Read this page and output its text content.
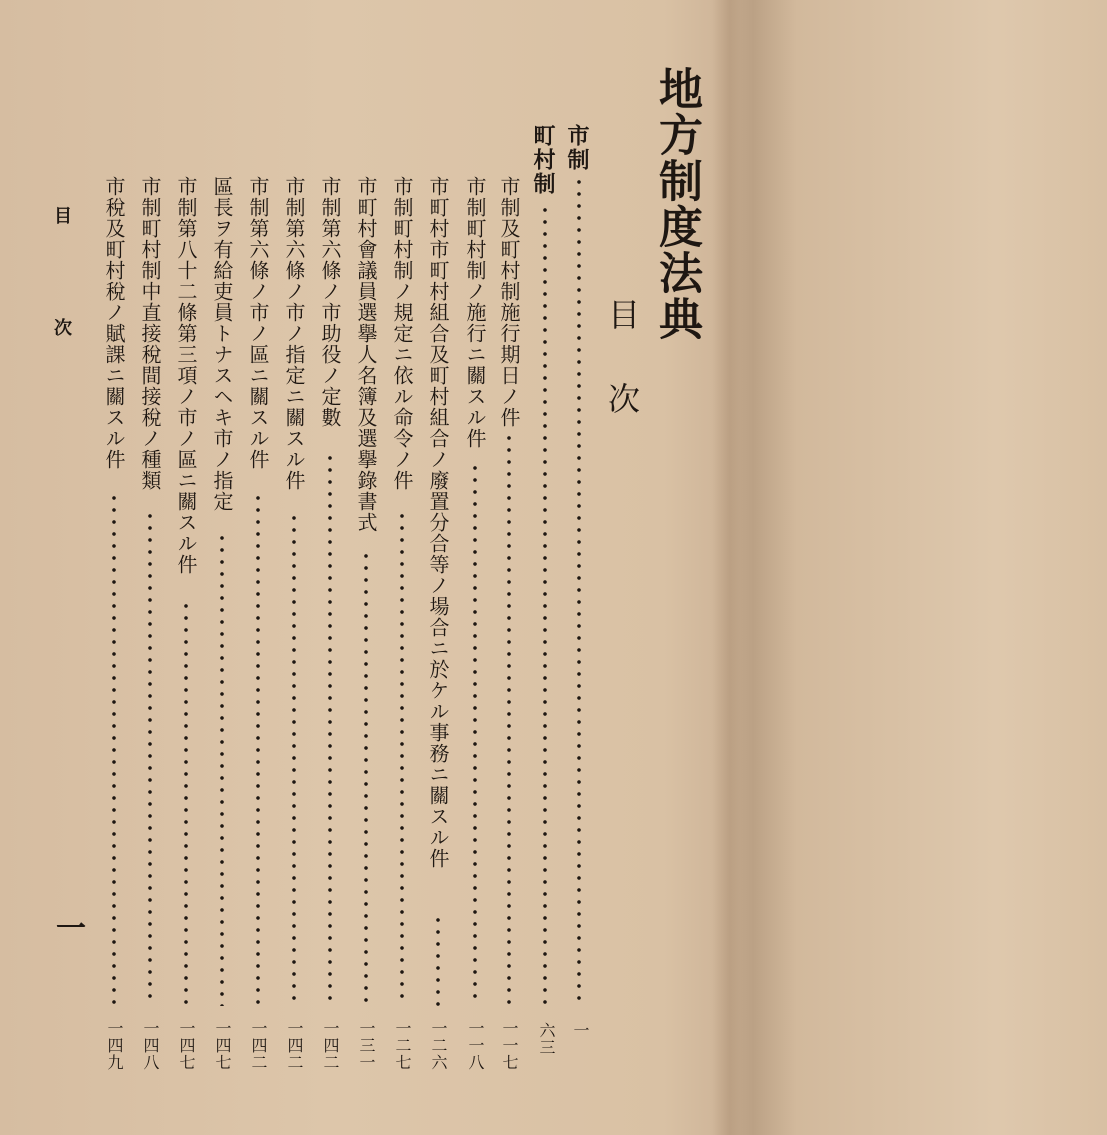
地方制度法典
目次
市制
一
町村制
六三
市制及町村制施行期日ノ件
一一七
市制町村制ノ施行ニ關スル件
一一八
市町村市町村組合及町村組合ノ廢置分合等ノ場合ニ於ケル事務ニ關スル件
一二六
市制町村制ノ規定ニ依ル命令ノ件
一二七
市町村會議員選擧人名簿及選擧錄書式
一三一
市制第六條ノ市助役ノ定數
一四二
市制第六條ノ市ノ指定ニ關スル件
一四二
市制第六條ノ市ノ區ニ關スル件
一四二
區長ヲ有給吏員トナスヘキ市ノ指定
一四七
市制第八十二條第三項ノ市ノ區ニ關スル件
一四七
市制町村制中直接稅間接稅ノ種類
一四八
市稅及町村稅ノ賦課ニ關スル件
一四九
目
次
一
